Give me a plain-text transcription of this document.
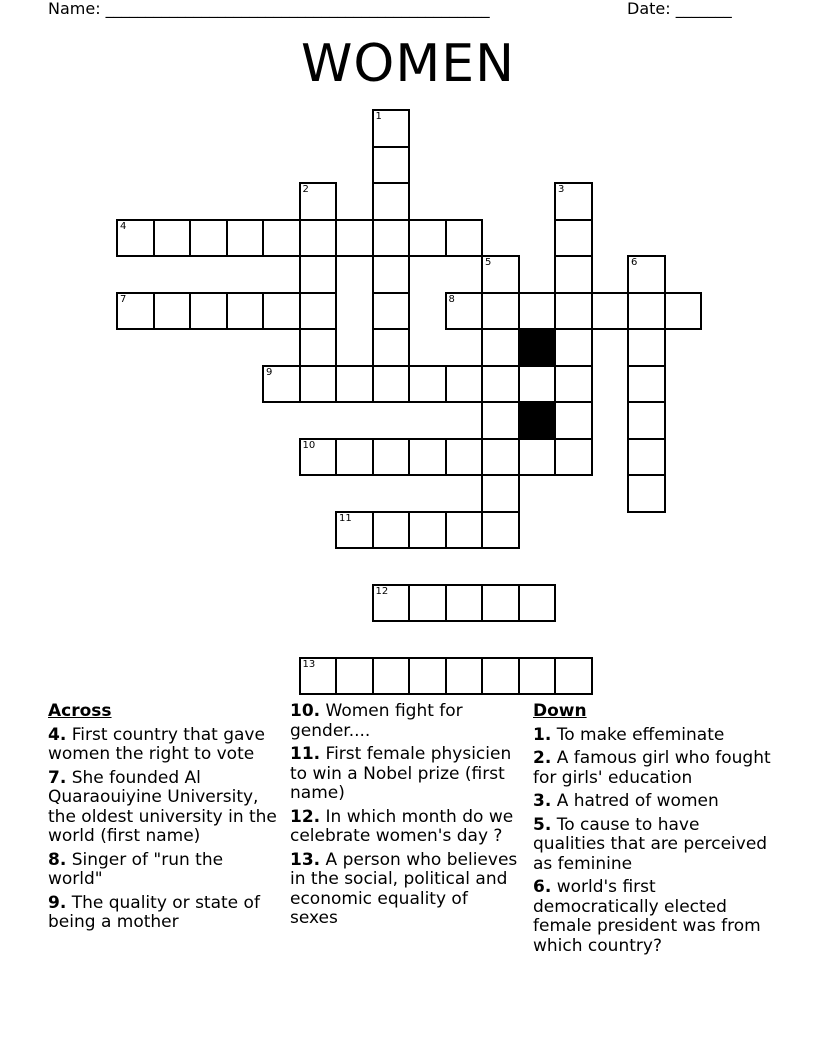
Name: ________________________________________________	Date: _______
WOMEN
1
2	3
4
5	6
7	8
9
10
11
12
13
Across
4. First country that gave women the right to vote
7. She founded Al Quaraouiyine University, the oldest university in the world (first name)
8. Singer of "run the world"
9. The quality or state of being a mother
10. Women fight for gender....
11. First female physicien to win a Nobel prize (first name)
12. In which month do we celebrate women's day ?
13. A person who believes in the social, political and economic equality of sexes
Down
1. To make effeminate
2. A famous girl who fought for girls' education
3. A hatred of women
5. To cause to have qualities that are perceived as feminine
6. world's first democratically elected female president was from which country?
